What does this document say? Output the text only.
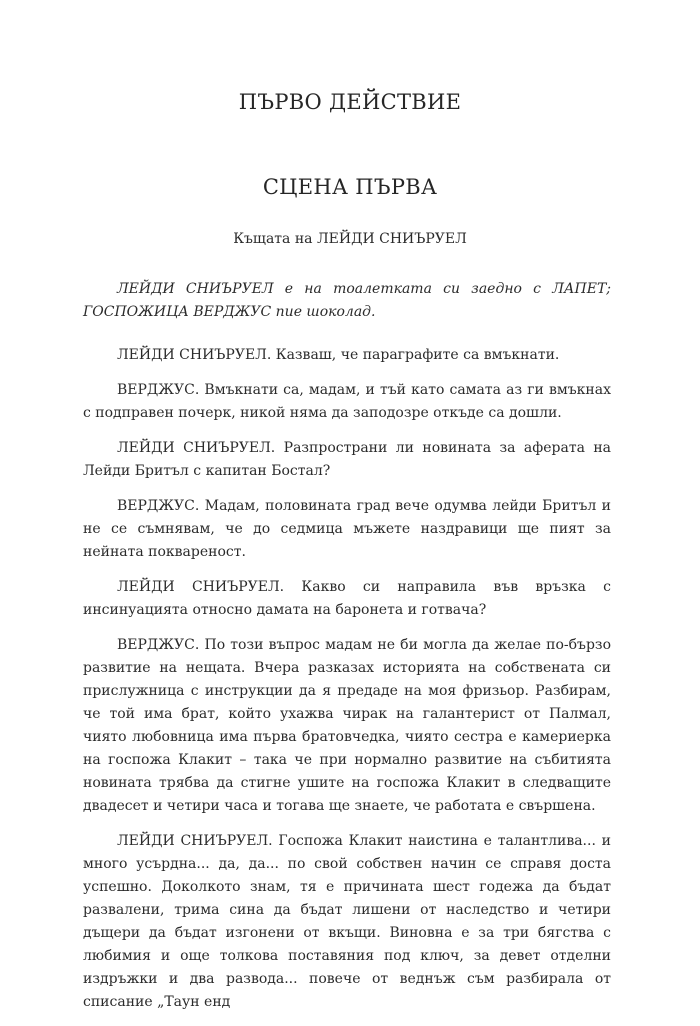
ПЪРВО ДЕЙСТВИЕ
СЦЕНА ПЪРВА

Къщата на ЛЕЙДИ СНИЪРУЕЛ

ЛЕЙДИ СНИЪРУЕЛ е на тоалетката си заедно с ЛАПЕТ; ГОСПОЖИЦА ВЕРДЖУС пие шоколад.

ЛЕЙДИ СНИЪРУЕЛ. Казваш, че параграфите са вмъкнати.

ВЕРДЖУС. Вмъкнати са, мадам, и тъй като самата аз ги вмъкнах с подправен почерк, никой няма да заподозре откъде са дошли.

ЛЕЙДИ СНИЪРУЕЛ. Разпространи ли новината за аферата на Лейди Бритъл с капитан Бостал?

ВЕРДЖУС. Мадам, половината град вече одумва лейди Бритъл и не се съмнявам, че до седмица мъжете наздравици ще пият за нейната поквареност.

ЛЕЙДИ СНИЪРУЕЛ. Какво си направила във връзка с инсинуацията относно дамата на баронета и готвача?

ВЕРДЖУС. По този въпрос мадам не би могла да желае по-бързо развитие на нещата. Вчера разказах историята на собствената си прислужница с инструкции да я предаде на моя фризьор. Разбирам, че той има брат, който ухажва чирак на галантерист от Палмал, чиято любовница има първа братовчедка, чиято сестра е камериерка на госпожа Клакит – така че при нормално развитие на събитията новината трябва да стигне ушите на госпожа Клакит в следващите двадесет и четири часа и тогава ще знаете, че работата е свършена.

ЛЕЙДИ СНИЪРУЕЛ. Госпожа Клакит наистина е талантлива... и много усърдна... да, да... по свой собствен начин се справя доста успешно. Доколкото знам, тя е причината шест годежа да бъдат развалени, трима сина да бъдат лишени от наследство и четири дъщери да бъдат изгонени от вкъщи. Виновна е за три бягства с любимия и още толкова поставяния под ключ, за девет отделни издръжки и два развода... повече от веднъж съм разбирала от списание „Таун енд
